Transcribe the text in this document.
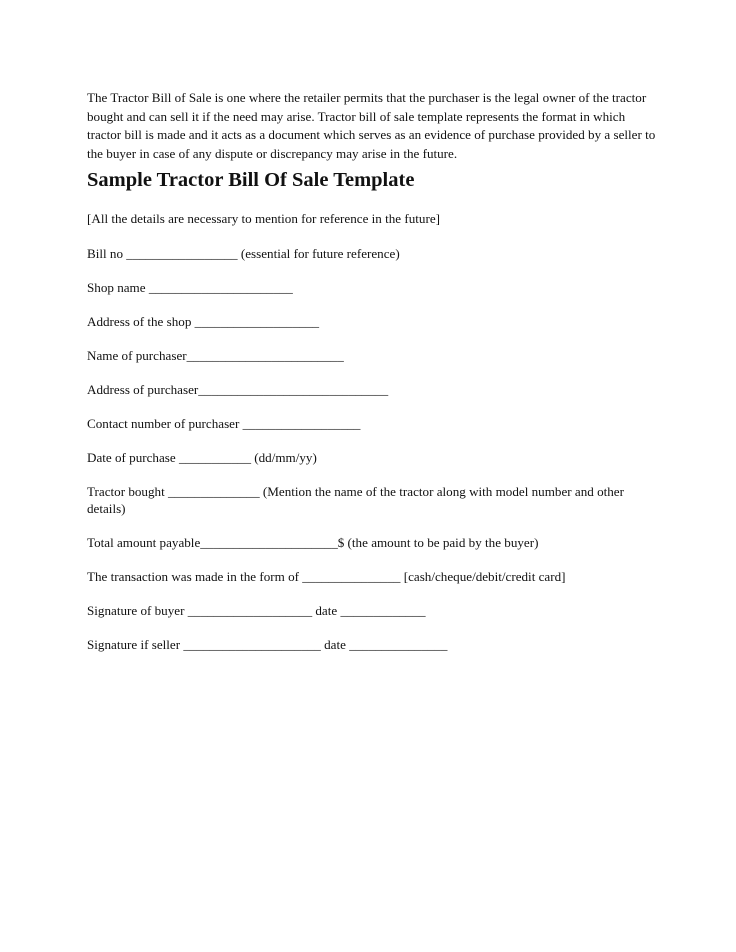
The Tractor Bill of Sale is one where the retailer permits that the purchaser is the legal owner of the tractor bought and can sell it if the need may arise. Tractor bill of sale template represents the format in which tractor bill is made and it acts as a document which serves as an evidence of purchase provided by a seller to the buyer in case of any dispute or discrepancy may arise in the future.

Sample Tractor Bill Of Sale Template

[All the details are necessary to mention for reference in the future]

Bill no _________________ (essential for future reference)

Shop name ______________________

Address of the shop ___________________

Name of purchaser________________________

Address of purchaser_____________________________

Contact number of purchaser __________________

Date of purchase ___________ (dd/mm/yy)

Tractor bought ______________ (Mention the name of the tractor along with model number and other details)

Total amount payable_____________________$ (the amount to be paid by the buyer)

The transaction was made in the form of _______________ [cash/cheque/debit/credit card]

Signature of buyer ___________________ date _____________

Signature if seller _____________________ date _______________
